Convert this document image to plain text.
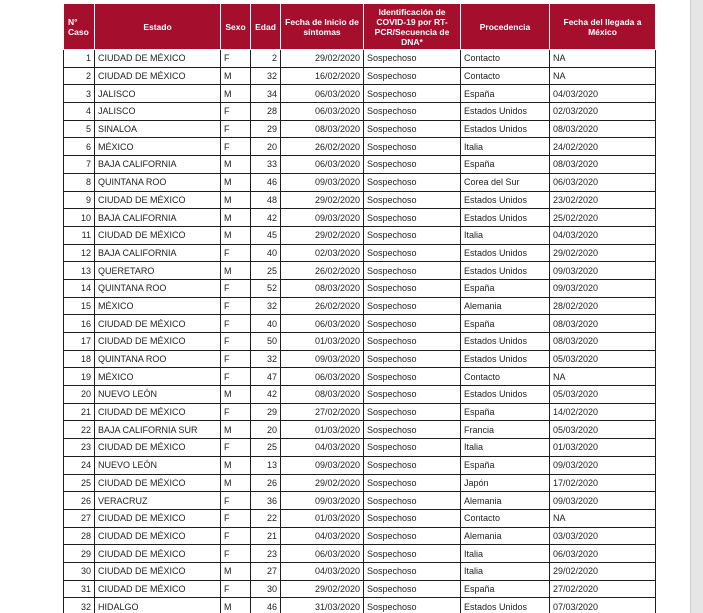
N° Caso	Estado	Sexo	Edad	Fecha de Inicio de síntomas	Identificación de COVID-19 por RT-PCR/Secuencia de DNA*	Procedencia	Fecha del llegada a México
1	CIUDAD DE MÉXICO	F	2	29/02/2020	Sospechoso	Contacto	NA
2	CIUDAD DE MÉXICO	M	32	16/02/2020	Sospechoso	Contacto	NA
3	JALISCO	M	34	06/03/2020	Sospechoso	España	04/03/2020
4	JALISCO	F	28	06/03/2020	Sospechoso	Estados Unidos	02/03/2020
5	SINALOA	F	29	08/03/2020	Sospechoso	Estados Unidos	08/03/2020
6	MÉXICO	F	20	26/02/2020	Sospechoso	Italia	24/02/2020
7	BAJA CALIFORNIA	M	33	06/03/2020	Sospechoso	España	08/03/2020
8	QUINTANA ROO	M	46	09/03/2020	Sospechoso	Corea del Sur	06/03/2020
9	CIUDAD DE MÉXICO	M	48	29/02/2020	Sospechoso	Estados Unidos	23/02/2020
10	BAJA CALIFORNIA	M	42	09/03/2020	Sospechoso	Estados Unidos	25/02/2020
11	CIUDAD DE MÉXICO	M	45	29/02/2020	Sospechoso	Italia	04/03/2020
12	BAJA CALIFORNIA	F	40	02/03/2020	Sospechoso	Estados Unidos	29/02/2020
13	QUERETARO	M	25	26/02/2020	Sospechoso	Estados Unidos	09/03/2020
14	QUINTANA ROO	F	52	08/03/2020	Sospechoso	España	09/03/2020
15	MÉXICO	F	32	26/02/2020	Sospechoso	Alemania	28/02/2020
16	CIUDAD DE MÉXICO	F	40	06/03/2020	Sospechoso	España	08/03/2020
17	CIUDAD DE MÉXICO	F	50	01/03/2020	Sospechoso	Estados Unidos	08/03/2020
18	QUINTANA ROO	F	32	09/03/2020	Sospechoso	Estados Unidos	05/03/2020
19	MÉXICO	F	47	06/03/2020	Sospechoso	Contacto	NA
20	NUEVO LEÓN	M	42	08/03/2020	Sospechoso	Estados Unidos	05/03/2020
21	CIUDAD DE MÉXICO	F	29	27/02/2020	Sospechoso	España	14/02/2020
22	BAJA CALIFORNIA SUR	M	20	01/03/2020	Sospechoso	Francia	05/03/2020
23	CIUDAD DE MÉXICO	F	25	04/03/2020	Sospechoso	Italia	01/03/2020
24	NUEVO LEÓN	M	13	09/03/2020	Sospechoso	España	09/03/2020
25	CIUDAD DE MÉXICO	M	26	29/02/2020	Sospechoso	Japón	17/02/2020
26	VERACRUZ	F	36	09/03/2020	Sospechoso	Alemania	09/03/2020
27	CIUDAD DE MÉXICO	F	22	01/03/2020	Sospechoso	Contacto	NA
28	CIUDAD DE MÉXICO	F	21	04/03/2020	Sospechoso	Alemania	03/03/2020
29	CIUDAD DE MÉXICO	F	23	06/03/2020	Sospechoso	Italia	06/03/2020
30	CIUDAD DE MÉXICO	M	27	04/03/2020	Sospechoso	Italia	29/02/2020
31	CIUDAD DE MÉXICO	F	30	29/02/2020	Sospechoso	España	27/02/2020
32	HIDALGO	M	46	31/03/2020	Sospechoso	Estados Unidos	07/03/2020
